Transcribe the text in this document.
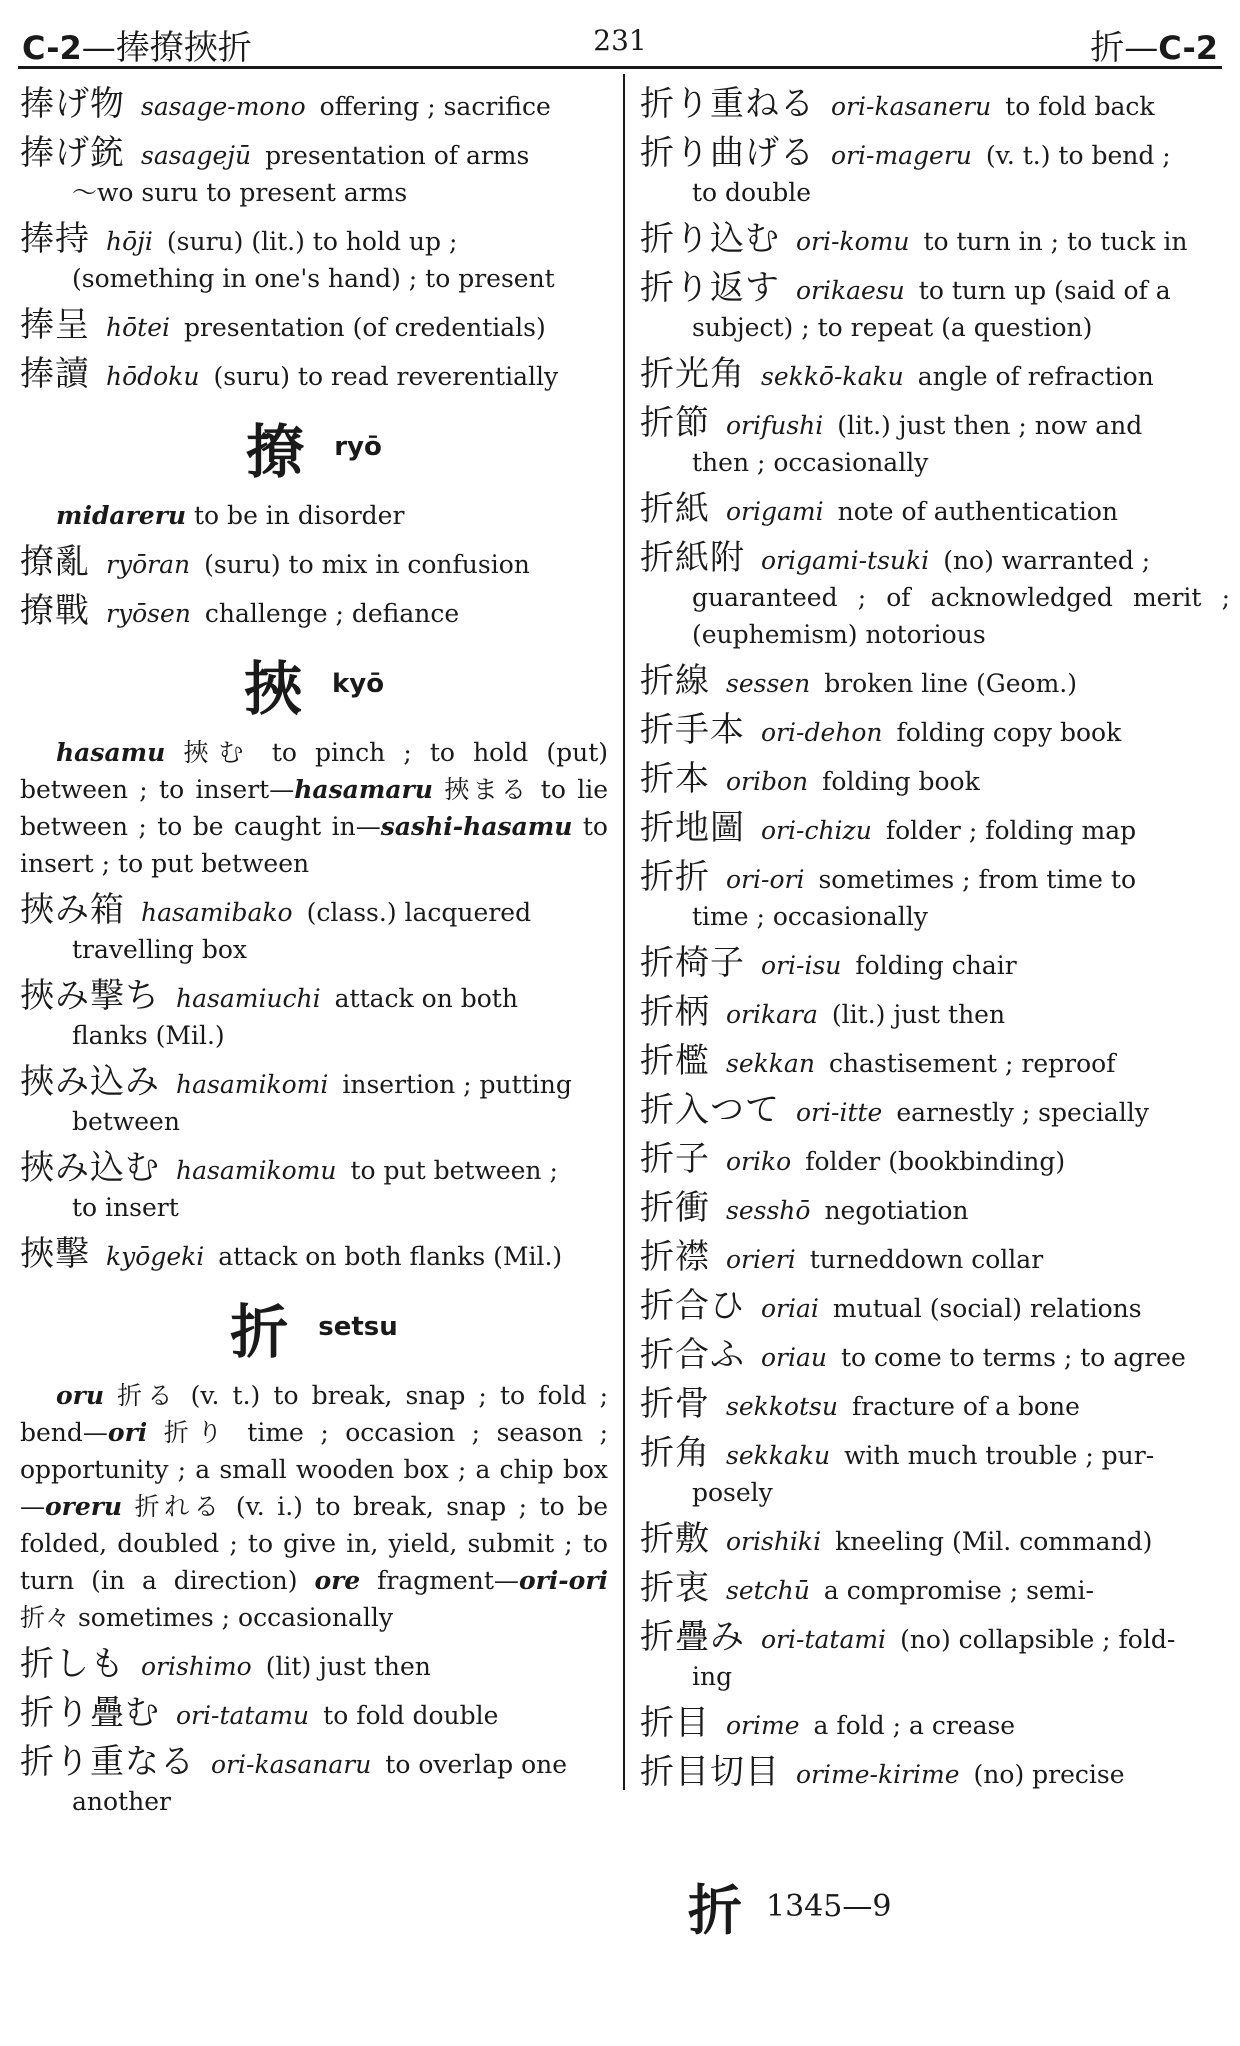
C-2—捧撩挾折	231	折—C-2
捧げ物 sasage-mono offering ; sacrifice
捧げ銃 sasagejū presentation of arms
～wo suru to present arms
捧持 hōji (suru) (lit.) to hold up ;
(something in one's hand) ; to present
捧呈 hōtei presentation (of credentials)
捧讀 hōdoku (suru) to read reverentially
撩 ryō
midareru to be in disorder
撩亂 ryōran (suru) to mix in confusion
撩戰 ryōsen challenge ; defiance
挾 kyō
hasamu 挾む to pinch ; to hold (put) between ; to insert—hasamaru 挾まる to lie between ; to be caught in—sashi-hasamu to insert ; to put between
挾み箱 hasamibako (class.) lacquered
travelling box
挾み撃ち hasamiuchi attack on both
flanks (Mil.)
挾み込み hasamikomi insertion ; putting
between
挾み込む hasamikomu to put between ;
to insert
挾擊 kyōgeki attack on both flanks (Mil.)
折 setsu
oru 折る (v. t.) to break, snap ; to fold ; bend—ori 折り time ; occasion ; season ; opportunity ; a small wooden box ; a chip box—oreru 折れる (v. i.) to break, snap ; to be folded, doubled ; to give in, yield, submit ; to turn (in a direction) ore fragment—ori-ori 折々 sometimes ; occasionally
折しも orishimo (lit) just then
折り疊む ori-tatamu to fold double
折り重なる ori-kasanaru to overlap one
another
折り重ねる ori-kasaneru to fold back
折り曲げる ori-mageru (v. t.) to bend ;
to double
折り込む ori-komu to turn in ; to tuck in
折り返す orikaesu to turn up (said of a
subject) ; to repeat (a question)
折光角 sekkō-kaku angle of refraction
折節 orifushi (lit.) just then ; now and
then ; occasionally
折紙 origami note of authentication
折紙附 origami-tsuki (no) warranted ;
guaranteed ; of acknowledged merit ; (euphemism) notorious
折線 sessen broken line (Geom.)
折手本 ori-dehon folding copy book
折本 oribon folding book
折地圖 ori-chizu folder ; folding map
折折 ori-ori sometimes ; from time to
time ; occasionally
折椅子 ori-isu folding chair
折柄 orikara (lit.) just then
折檻 sekkan chastisement ; reproof
折入つて ori-itte earnestly ; specially
折子 oriko folder (bookbinding)
折衝 sesshō negotiation
折襟 orieri turneddown collar
折合ひ oriai mutual (social) relations
折合ふ oriau to come to terms ; to agree
折骨 sekkotsu fracture of a bone
折角 sekkaku with much trouble ; pur-
posely
折敷 orishiki kneeling (Mil. command)
折衷 setchū a compromise ; semi-
折疊み ori-tatami (no) collapsible ; fold-
ing
折目 orime a fold ; a crease
折目切目 orime-kirime (no) precise
折 1345—9
